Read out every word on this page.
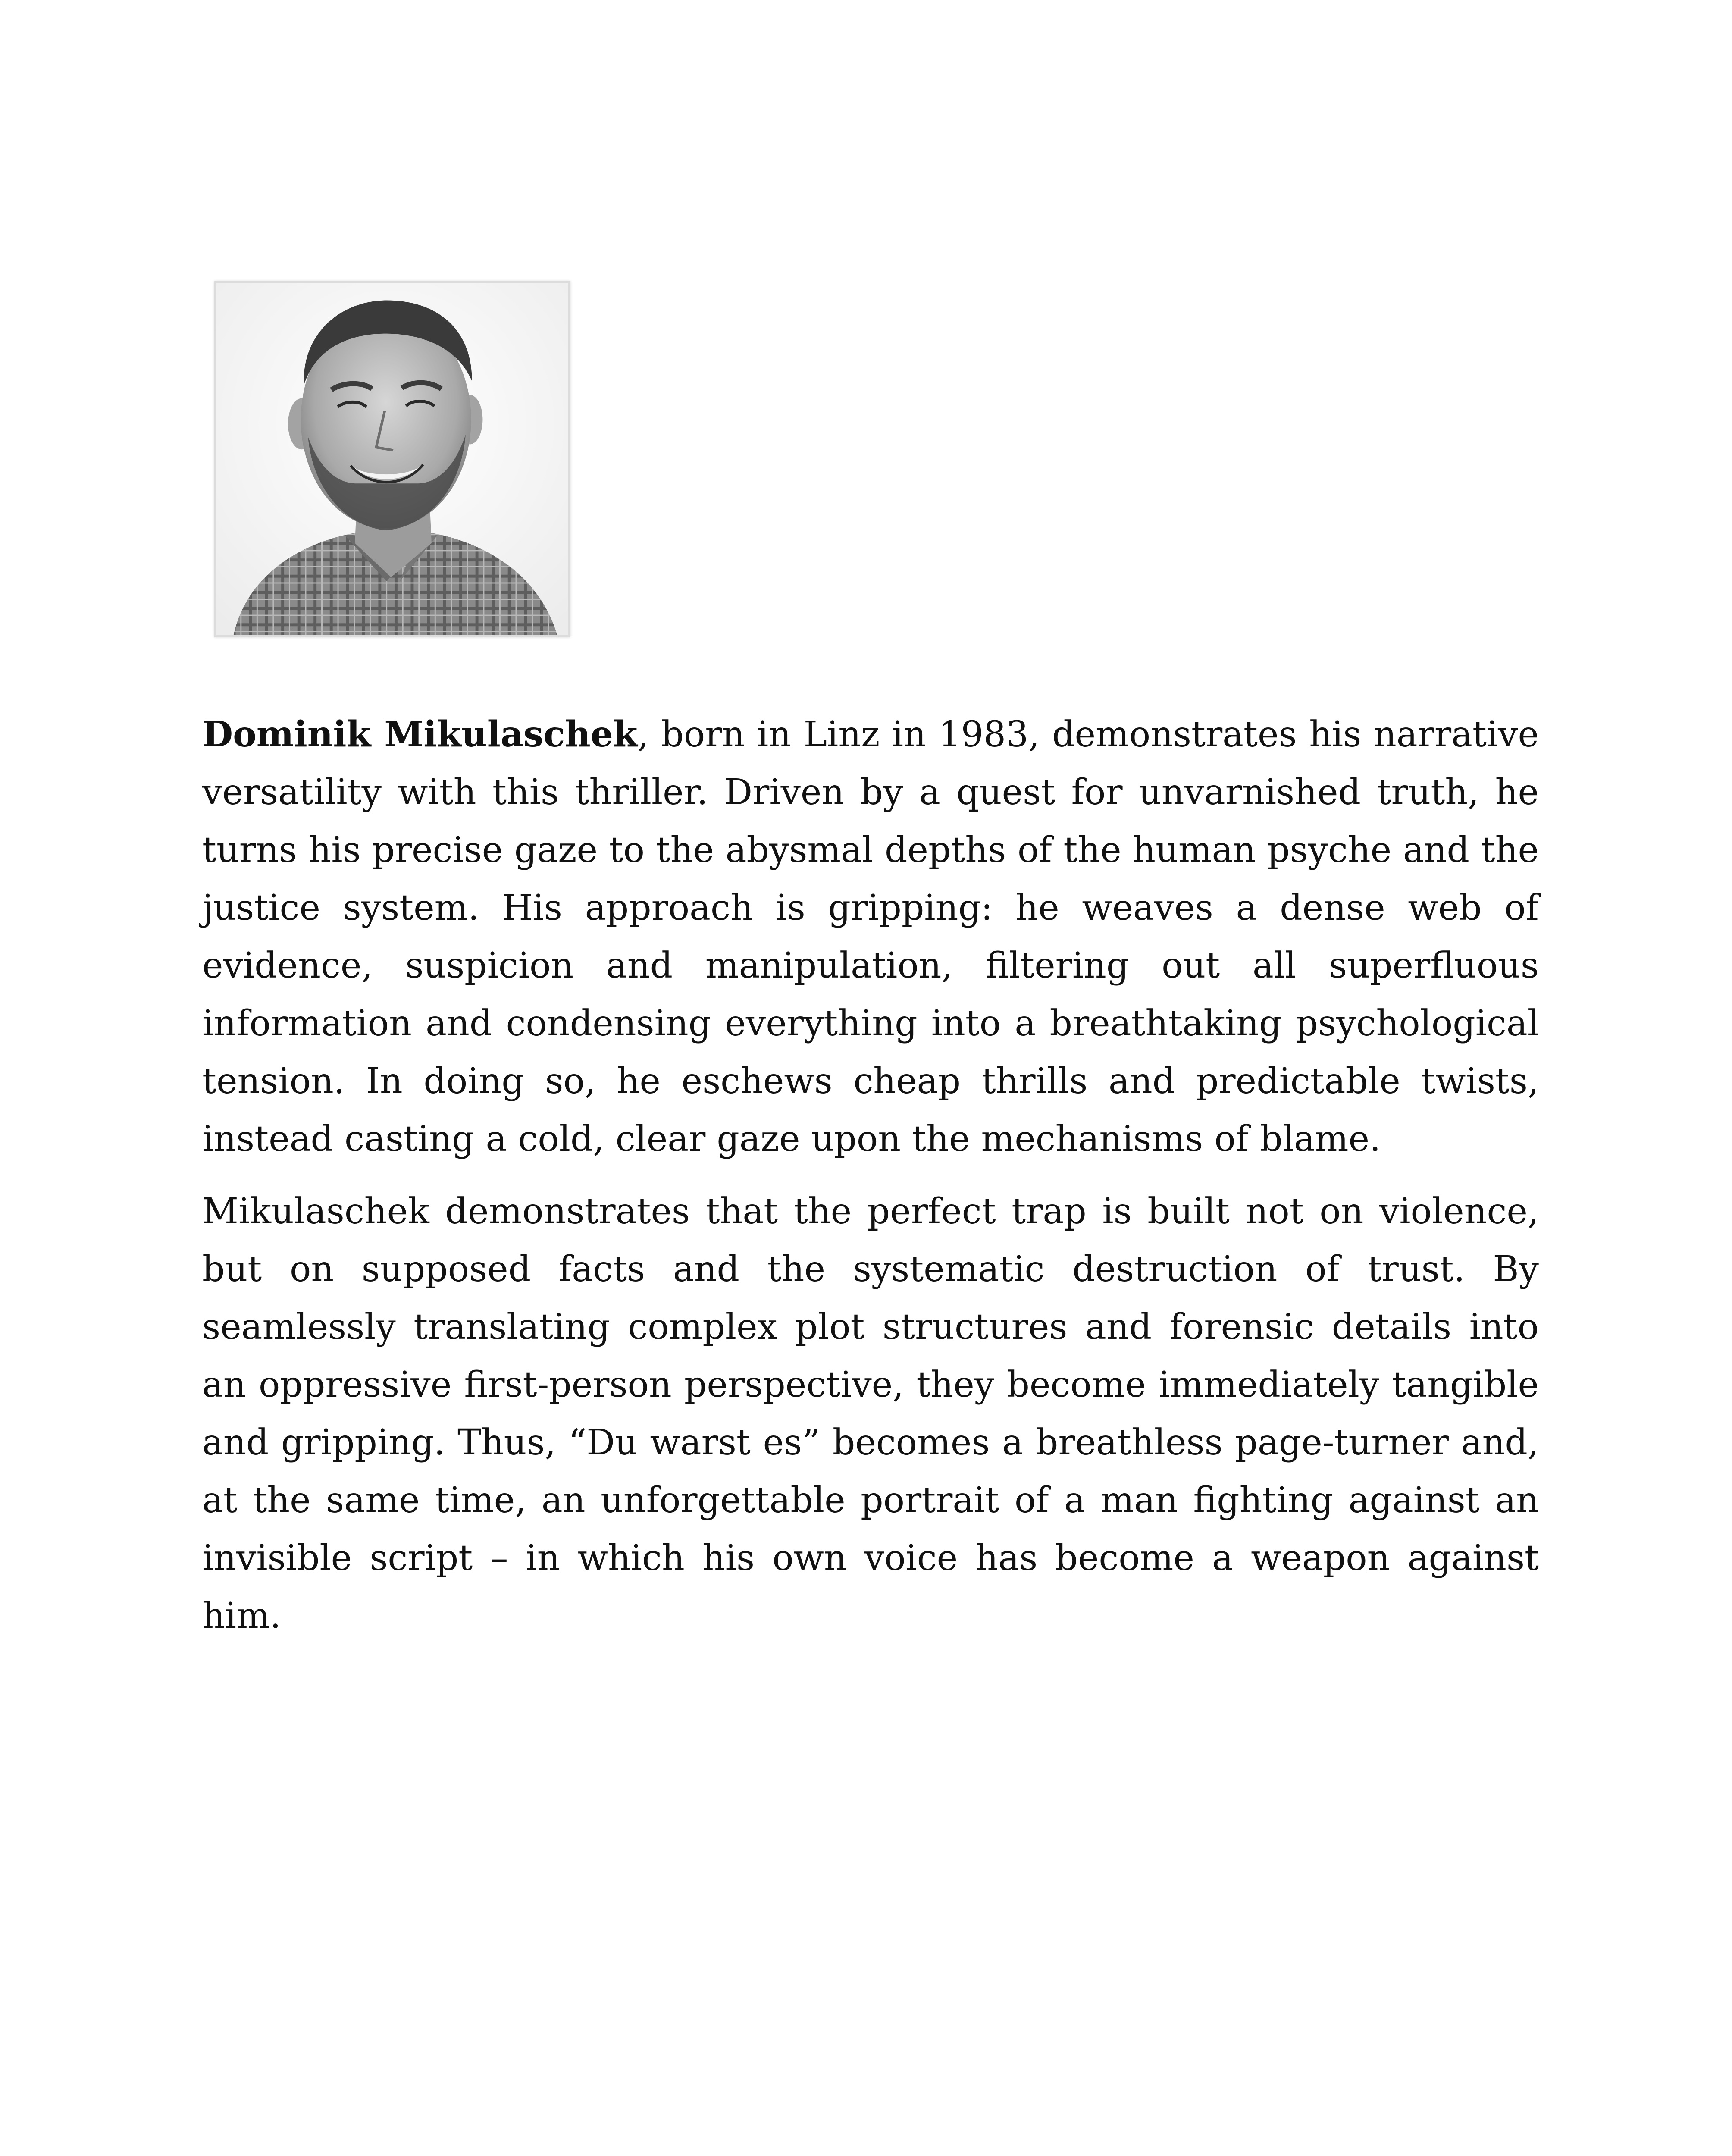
Dominik Mikulaschek, born in Linz in 1983, demonstrates his narrative versatility with this thriller. Driven by a quest for unvarnished truth, he turns his precise gaze to the abysmal depths of the human psyche and the justice system. His approach is gripping: he weaves a dense web of evidence, suspicion and manipulation, filtering out all superfluous information and condensing everything into a breathtaking psychological tension. In doing so, he eschews cheap thrills and predictable twists, instead casting a cold, clear gaze upon the mechanisms of blame.

Mikulaschek demonstrates that the perfect trap is built not on violence, but on supposed facts and the systematic destruction of trust. By seamlessly translating complex plot structures and forensic details into an oppressive first-person perspective, they become immediately tangible and gripping. Thus, “Du warst es” becomes a breathless page-turner and, at the same time, an unforgettable portrait of a man fighting against an invisible script – in which his own voice has become a weapon against him.
